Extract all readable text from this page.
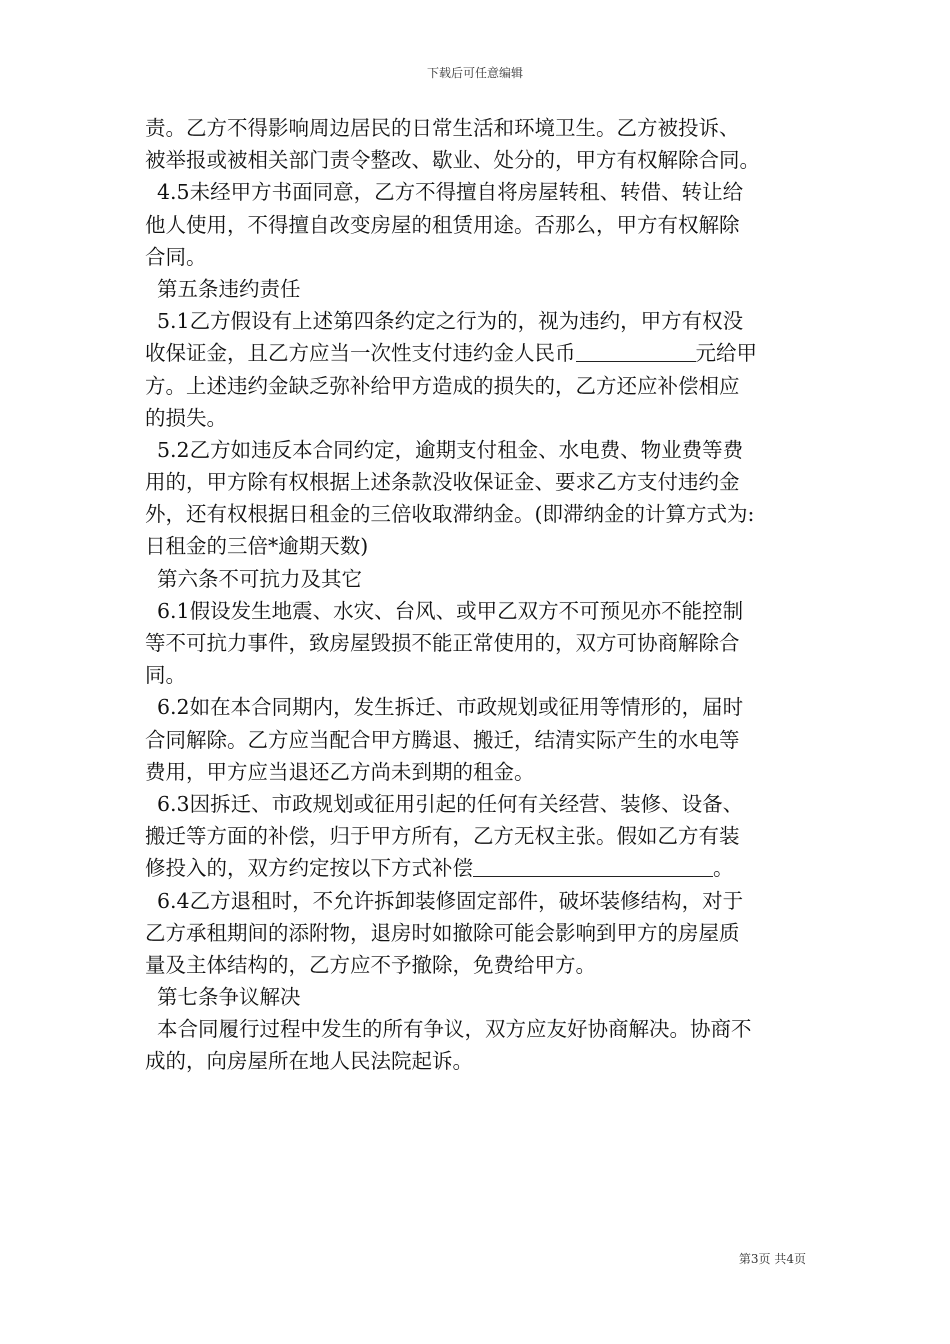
下载后可任意编辑
责。乙方不得影响周边居民的日常生活和环境卫生。乙方被投诉、
被举报或被相关部门责令整改、歇业、处分的，甲方有权解除合同。
4.5未经甲方书面同意，乙方不得擅自将房屋转租、转借、转让给
他人使用，不得擅自改变房屋的租赁用途。否那么，甲方有权解除
合同。
第五条违约责任
5.1乙方假设有上述第四条约定之行为的，视为违约，甲方有权没
收保证金，且乙方应当一次性支付违约金人民币	元给甲
方。上述违约金缺乏弥补给甲方造成的损失的，乙方还应补偿相应
的损失。
5.2乙方如违反本合同约定，逾期支付租金、水电费、物业费等费
用的，甲方除有权根据上述条款没收保证金、要求乙方支付违约金
外，还有权根据日租金的三倍收取滞纳金。(即滞纳金的计算方式为:
日租金的三倍*逾期天数)
第六条不可抗力及其它
6.1假设发生地震、水灾、台风、或甲乙双方不可预见亦不能控制
等不可抗力事件，致房屋毁损不能正常使用的，双方可协商解除合
同。
6.2如在本合同期内，发生拆迁、市政规划或征用等情形的，届时
合同解除。乙方应当配合甲方腾退、搬迁，结清实际产生的水电等
费用，甲方应当退还乙方尚未到期的租金。
6.3因拆迁、市政规划或征用引起的任何有关经营、装修、设备、
搬迁等方面的补偿，归于甲方所有，乙方无权主张。假如乙方有装
修投入的，双方约定按以下方式补偿	。
6.4乙方退租时，不允许拆卸装修固定部件，破坏装修结构，对于
乙方承租期间的添附物，退房时如撤除可能会影响到甲方的房屋质
量及主体结构的，乙方应不予撤除，免费给甲方。
第七条争议解决
本合同履行过程中发生的所有争议，双方应友好协商解决。协商不
成的，向房屋所在地人民法院起诉。
第3页 共4页
